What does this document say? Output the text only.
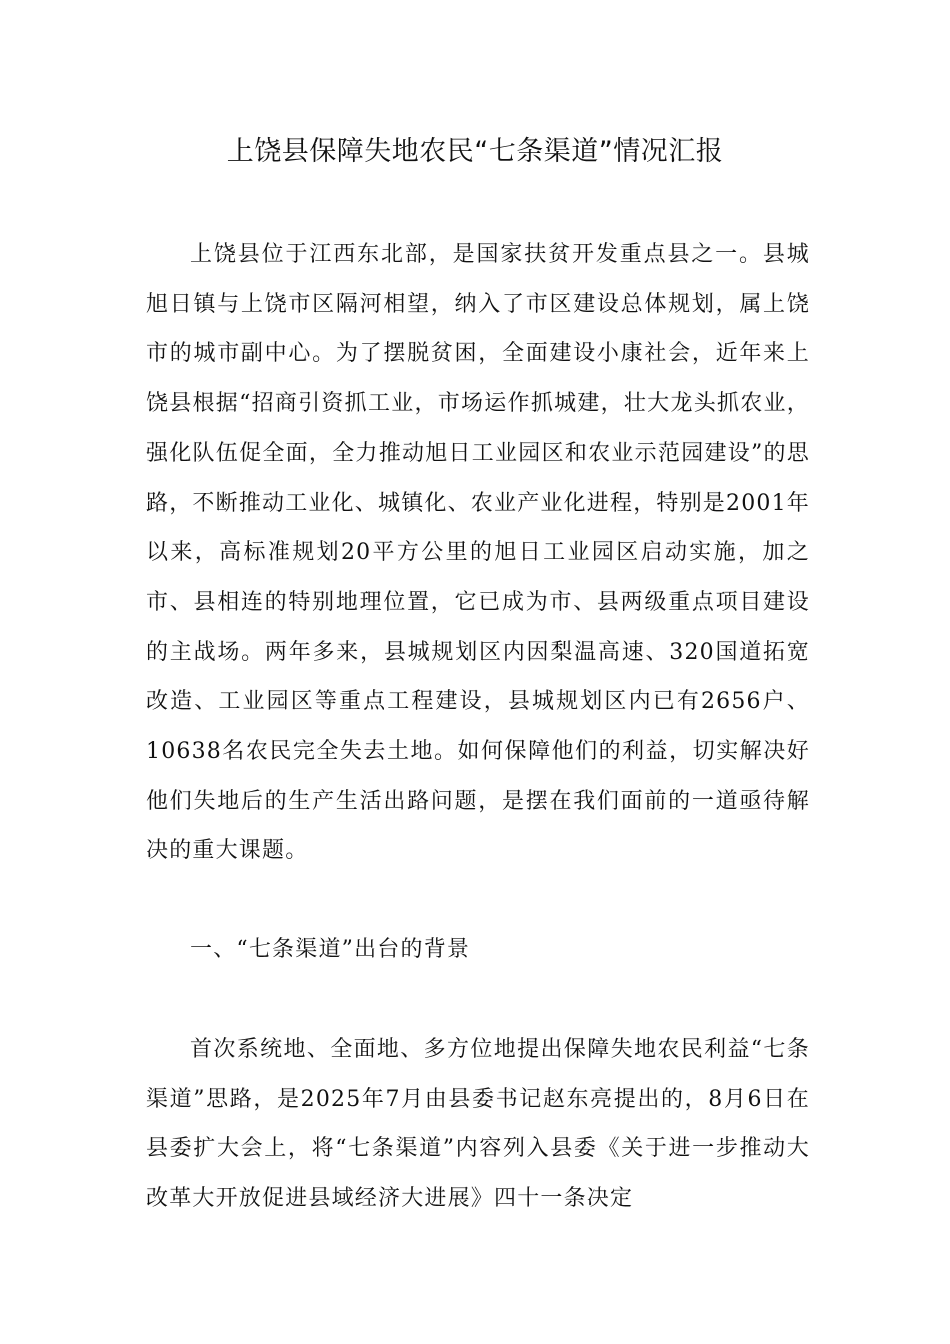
上饶县保障失地农民“七条渠道”情况汇报

上饶县位于江西东北部，是国家扶贫开发重点县之一。县城旭日镇与上饶市区隔河相望，纳入了市区建设总体规划，属上饶市的城市副中心。为了摆脱贫困，全面建设小康社会，近年来上饶县根据“招商引资抓工业，市场运作抓城建，壮大龙头抓农业，强化队伍促全面，全力推动旭日工业园区和农业示范园建设”的思路，不断推动工业化、城镇化、农业产业化进程，特别是2001年以来，高标准规划20平方公里的旭日工业园区启动实施，加之市、县相连的特别地理位置，它已成为市、县两级重点项目建设的主战场。两年多来，县城规划区内因梨温高速、320国道拓宽改造、工业园区等重点工程建设，县城规划区内已有2656户、10638名农民完全失去土地。如何保障他们的利益，切实解决好他们失地后的生产生活出路问题，是摆在我们面前的一道亟待解决的重大课题。

一、“七条渠道”出台的背景

首次系统地、全面地、多方位地提出保障失地农民利益“七条渠道”思路，是2025年7月由县委书记赵东亮提出的，8月6日在县委扩大会上，将“七条渠道”内容列入县委《关于进一步推动大改革大开放促进县域经济大进展》四十一条决定
